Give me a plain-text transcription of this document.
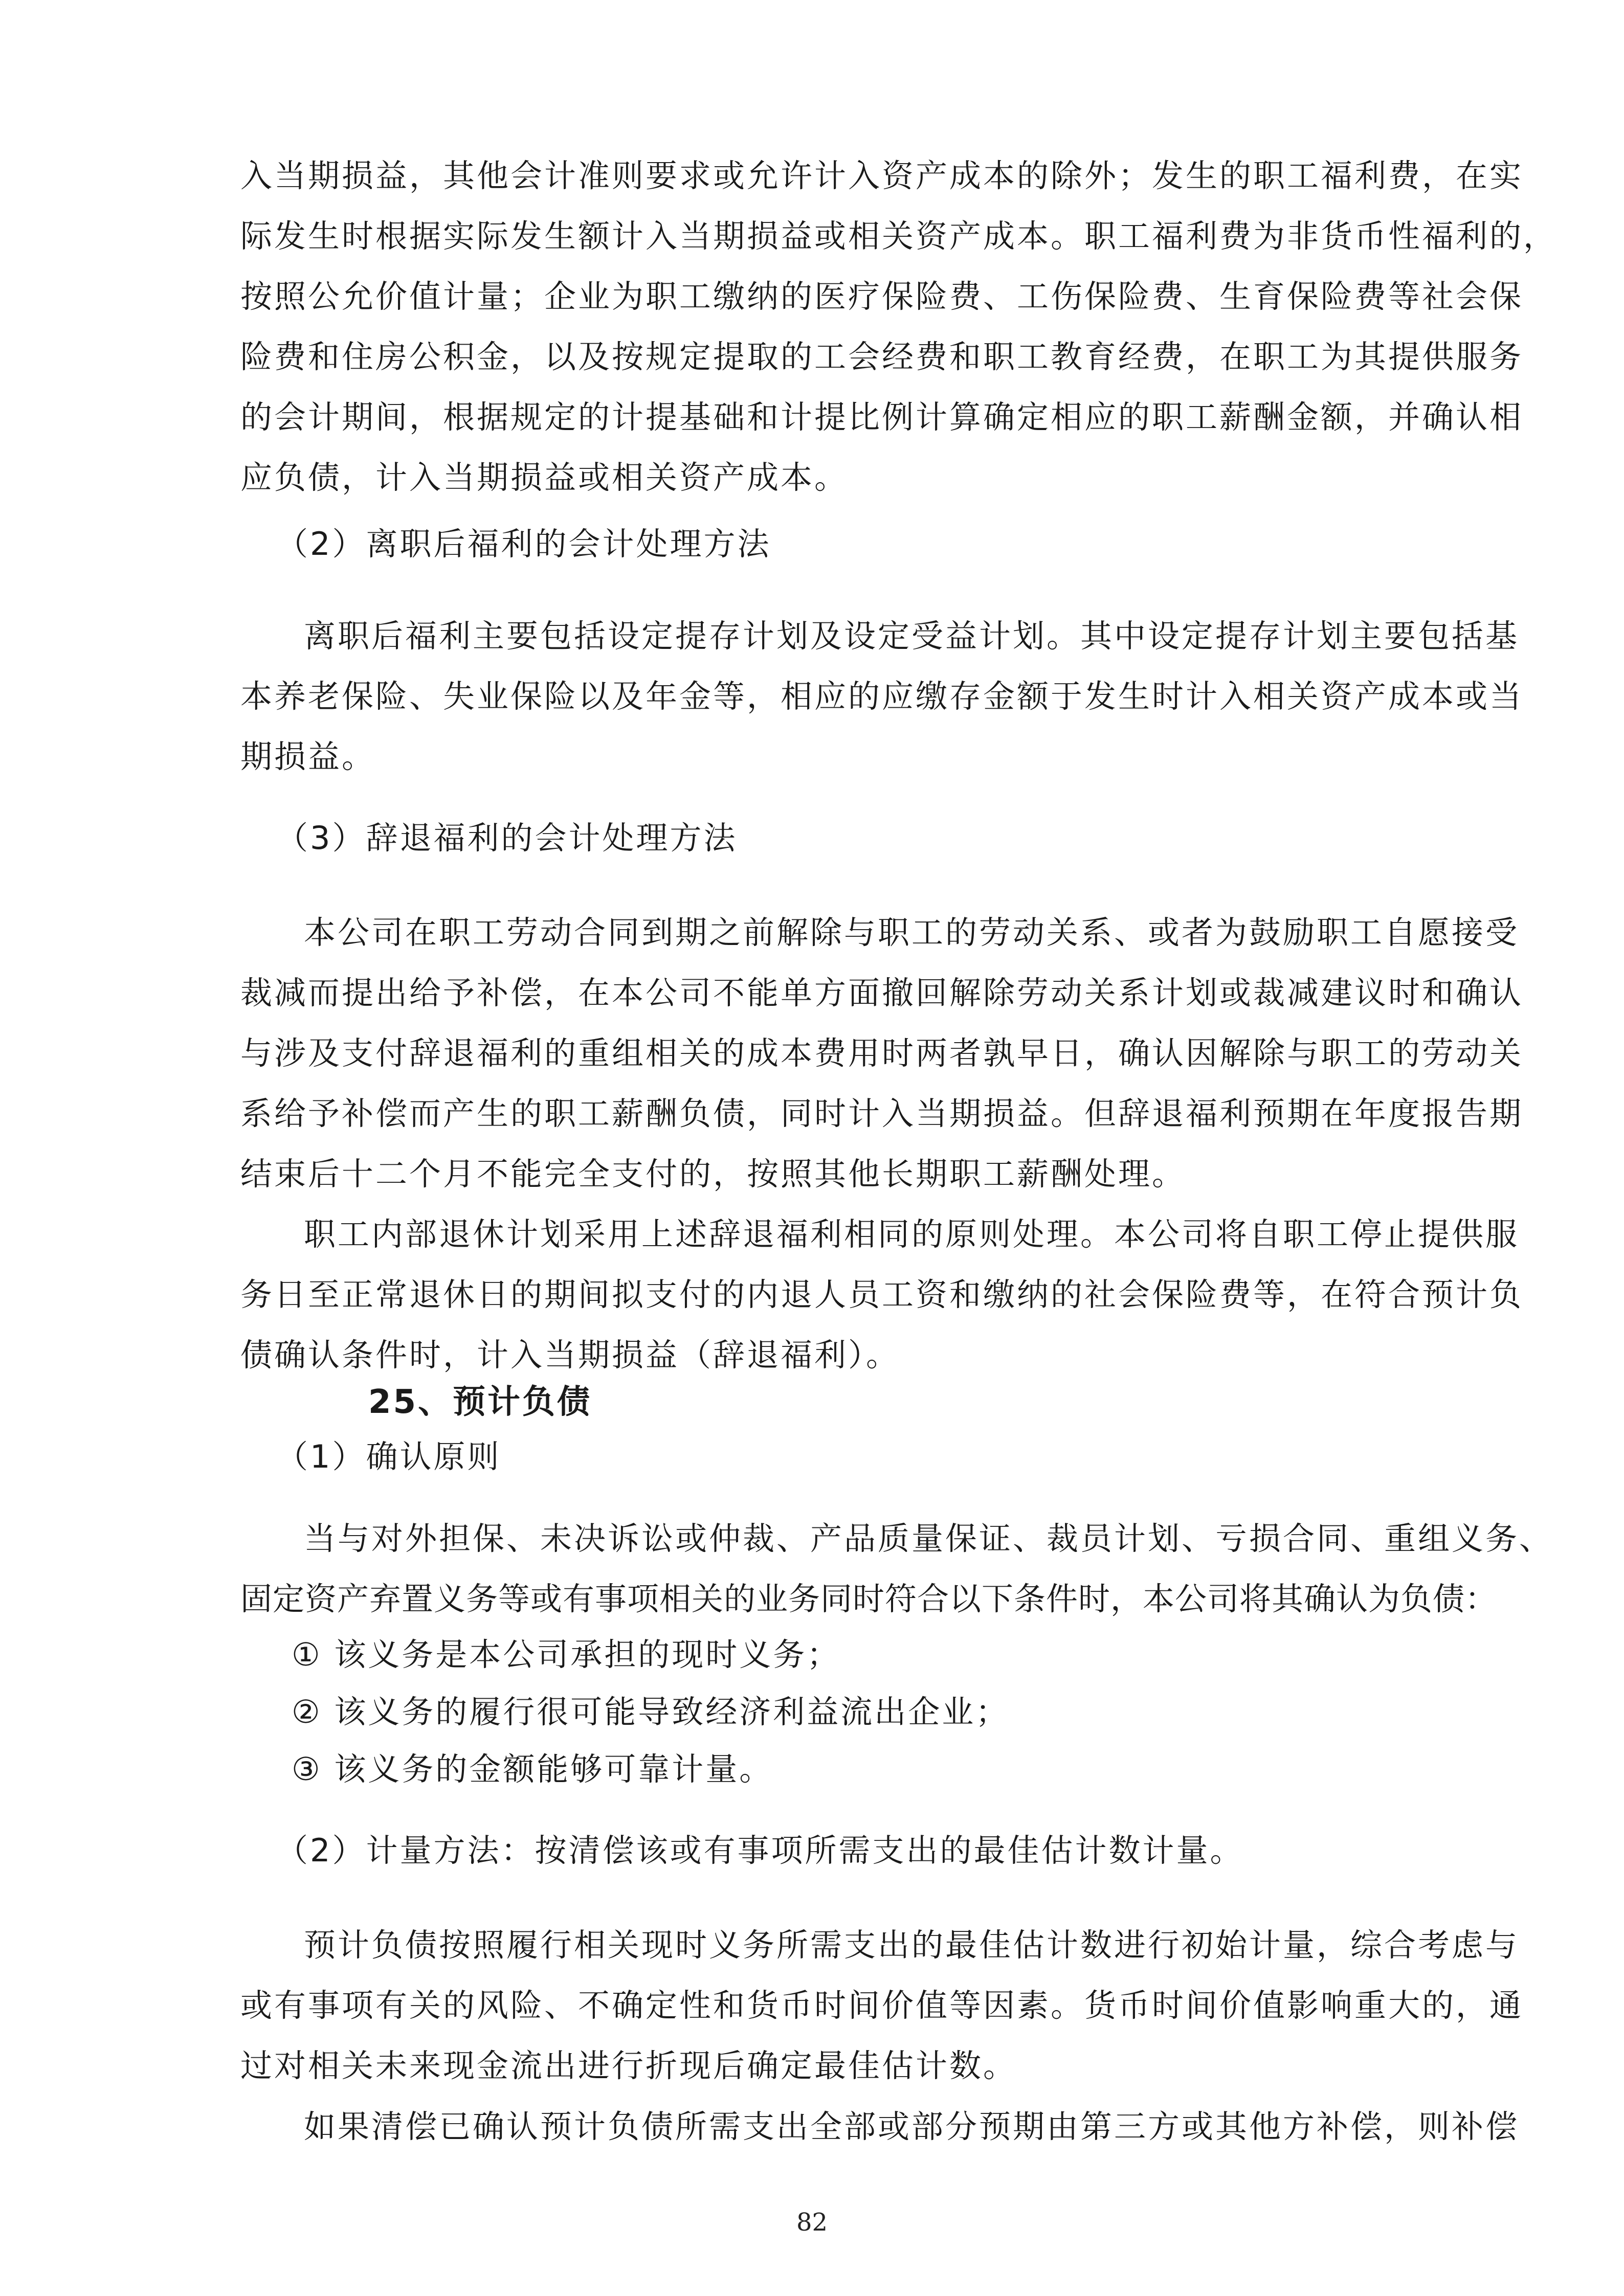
入当期损益，其他会计准则要求或允许计入资产成本的除外；发生的职工福利费，在实
际发生时根据实际发生额计入当期损益或相关资产成本。职工福利费为非货币性福利的，
按照公允价值计量；企业为职工缴纳的医疗保险费、工伤保险费、生育保险费等社会保
险费和住房公积金，以及按规定提取的工会经费和职工教育经费，在职工为其提供服务
的会计期间，根据规定的计提基础和计提比例计算确定相应的职工薪酬金额，并确认相
应负债，计入当期损益或相关资产成本。
（2）离职后福利的会计处理方法
离职后福利主要包括设定提存计划及设定受益计划。其中设定提存计划主要包括基
本养老保险、失业保险以及年金等，相应的应缴存金额于发生时计入相关资产成本或当
期损益。
（3）辞退福利的会计处理方法
本公司在职工劳动合同到期之前解除与职工的劳动关系、或者为鼓励职工自愿接受
裁减而提出给予补偿，在本公司不能单方面撤回解除劳动关系计划或裁减建议时和确认
与涉及支付辞退福利的重组相关的成本费用时两者孰早日，确认因解除与职工的劳动关
系给予补偿而产生的职工薪酬负债，同时计入当期损益。但辞退福利预期在年度报告期
结束后十二个月不能完全支付的，按照其他长期职工薪酬处理。
职工内部退休计划采用上述辞退福利相同的原则处理。本公司将自职工停止提供服
务日至正常退休日的期间拟支付的内退人员工资和缴纳的社会保险费等，在符合预计负
债确认条件时，计入当期损益（辞退福利）。
25、预计负债
（1）确认原则
当与对外担保、未决诉讼或仲裁、产品质量保证、裁员计划、亏损合同、重组义务、
固定资产弃置义务等或有事项相关的业务同时符合以下条件时，本公司将其确认为负债：
① 该义务是本公司承担的现时义务；
② 该义务的履行很可能导致经济利益流出企业；
③ 该义务的金额能够可靠计量。
（2）计量方法：按清偿该或有事项所需支出的最佳估计数计量。
预计负债按照履行相关现时义务所需支出的最佳估计数进行初始计量，综合考虑与
或有事项有关的风险、不确定性和货币时间价值等因素。货币时间价值影响重大的，通
过对相关未来现金流出进行折现后确定最佳估计数。
如果清偿已确认预计负债所需支出全部或部分预期由第三方或其他方补偿，则补偿
82
